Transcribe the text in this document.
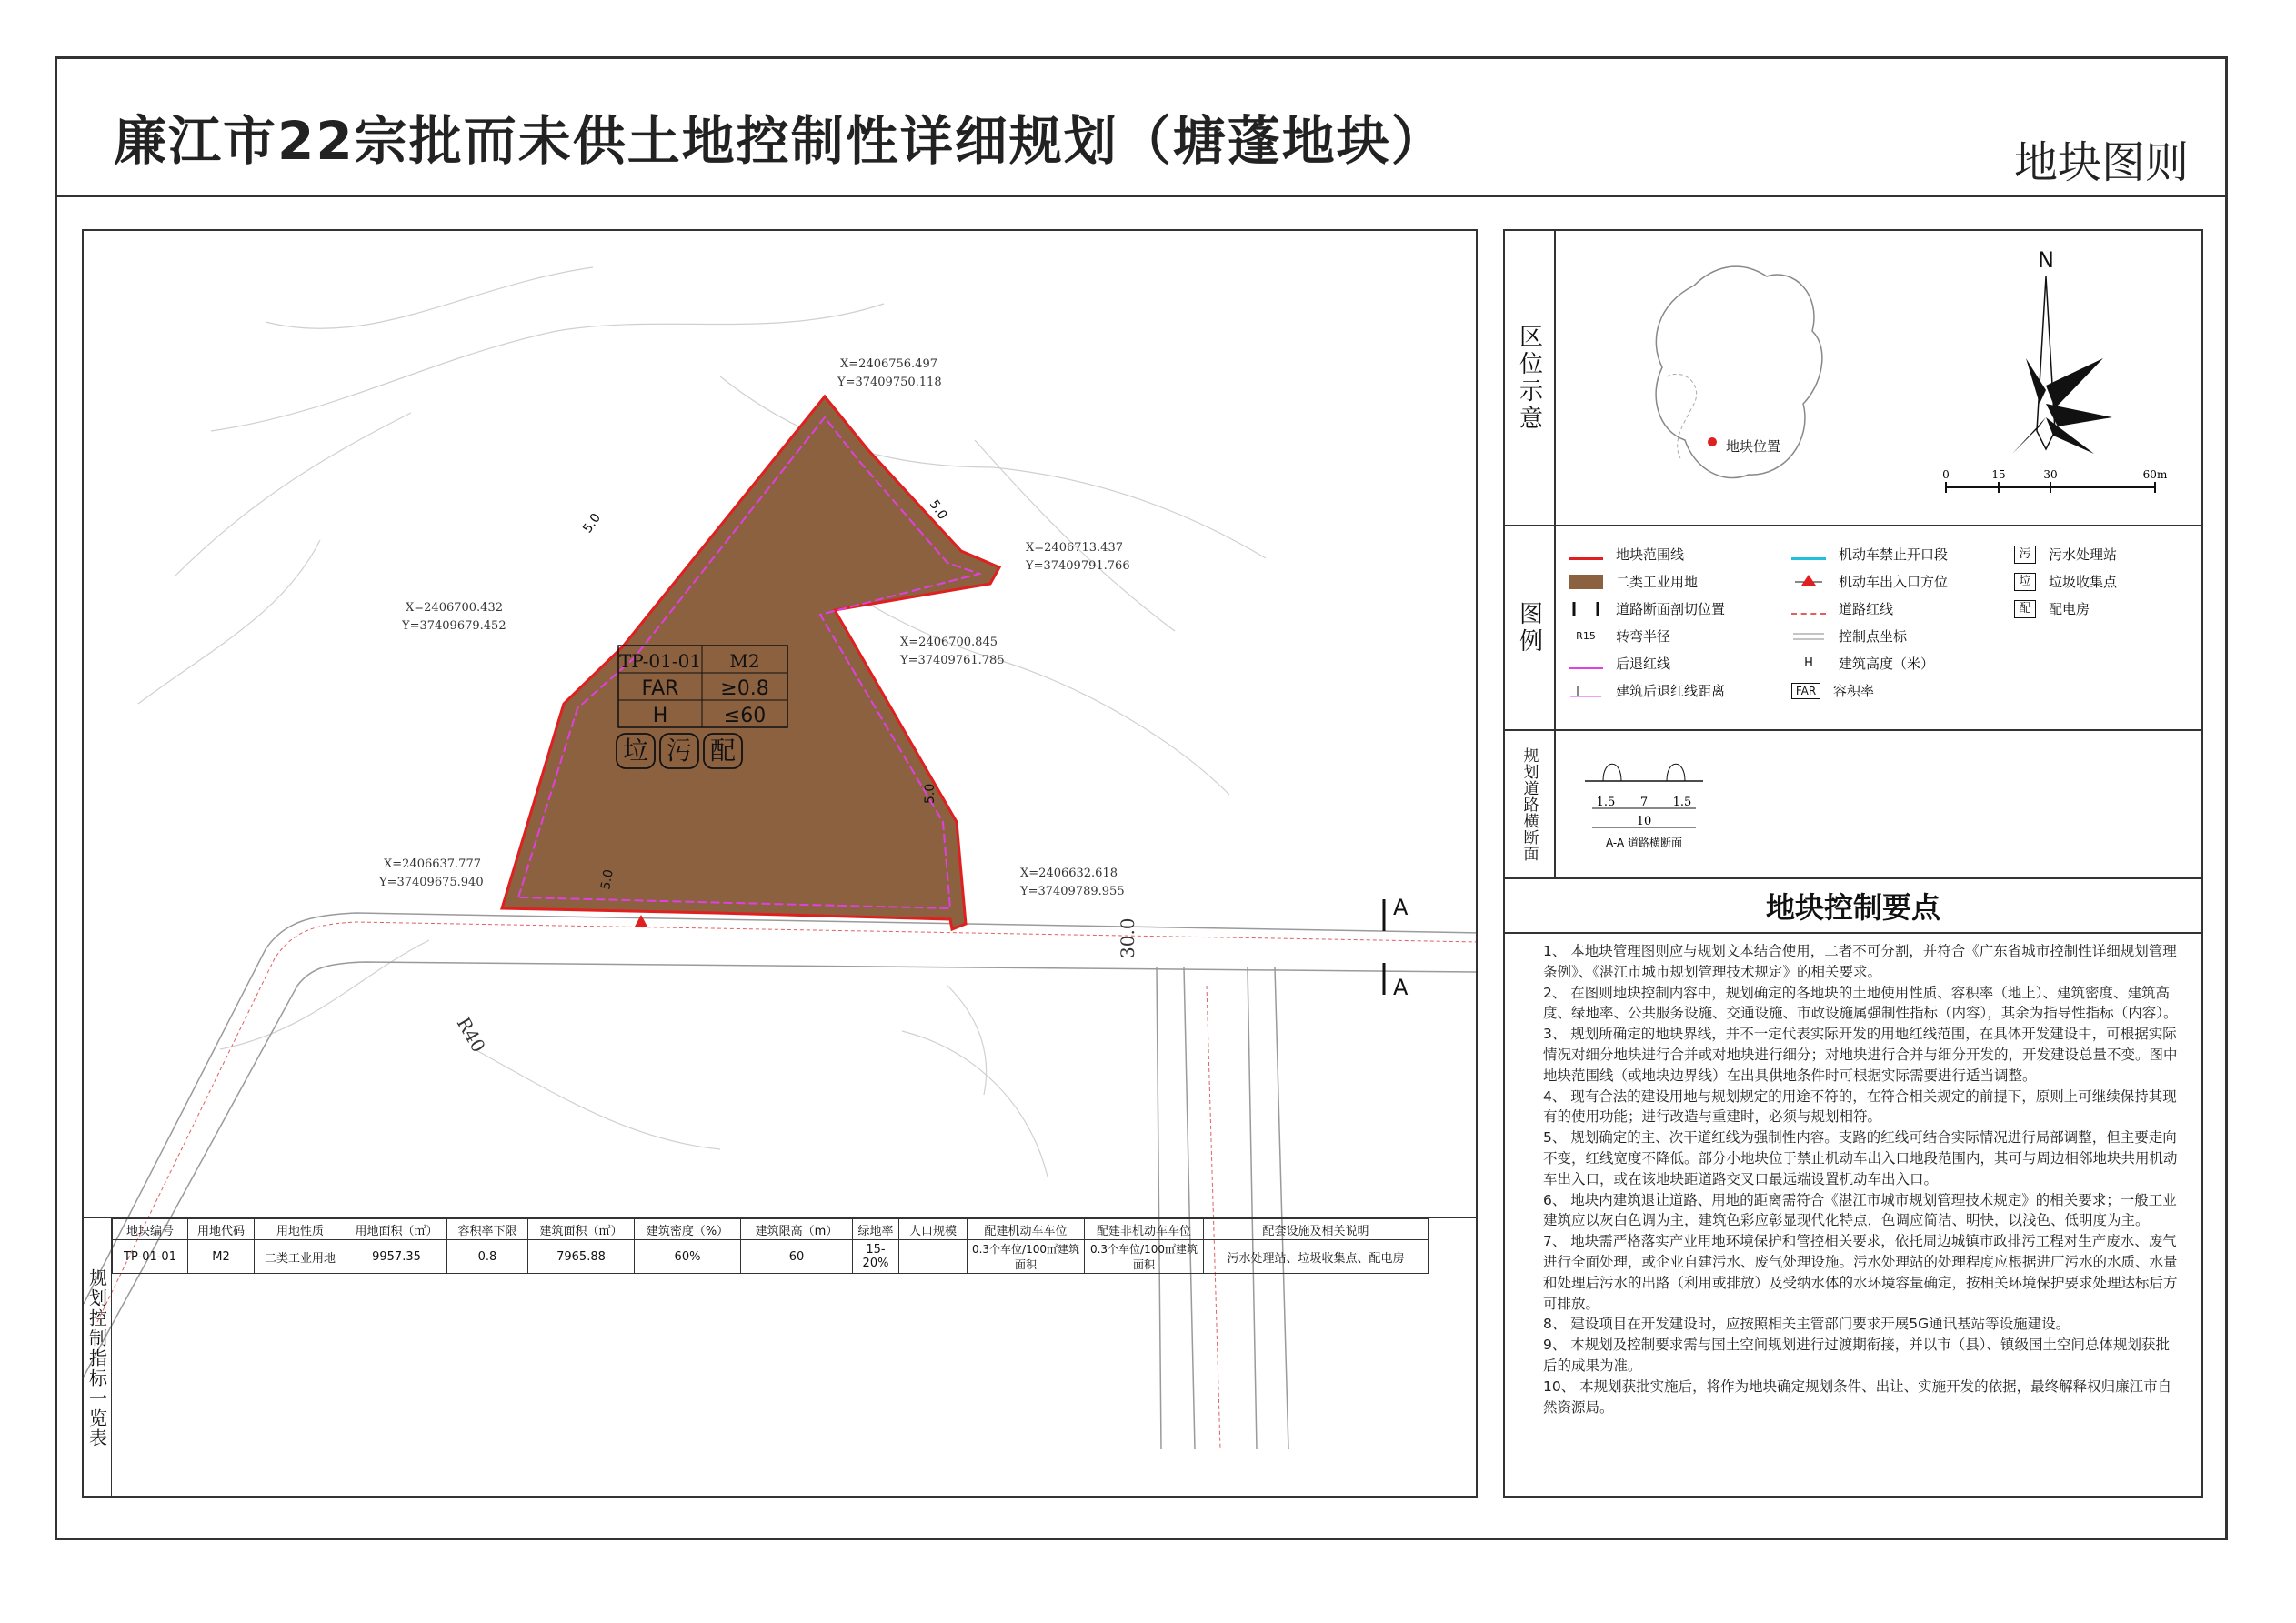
廉江市22宗批而未供土地控制性详细规划（塘蓬地块）	地块图则
TP-01-01 M2
FAR ≥0.8
H	≤60
垃 污 配
X=2406756.497
Y=37409750.118
X=2406713.437
Y=37409791.766
X=2406700.432
Y=37409679.452
X=2406700.845
Y=37409761.785
X=2406637.777
Y=37409675.940
X=2406632.618
Y=37409789.955
30.0
R40
A
A
5.0
5.0
5.0
5.0
规划控制指标一览表
地块编号	用地代码	用地性质	用地面积（㎡）	容积率下限	建筑面积（㎡）	建筑密度（%）	建筑限高（m）	绿地率	人口规模	配建机动车车位	配建非机动车车位	配套设施及相关说明
TP-01-01	M2	二类工业用地	9957.35	0.8	7965.88	60%	60	15-20%	——	0.3个车位/100㎡建筑面积	0.3个车位/100㎡建筑面积	污水处理站、垃圾收集点、配电房
区位示意
地块位置
N
0	15	30	60m
图例
地块范围线	机动车禁止开口段	污	污水处理站
二类工业用地	机动车出入口方位	垃	垃圾收集点
道路断面剖切位置	道路红线	配	配电房
R15	转弯半径	控制点坐标
后退红线	H	建筑高度（米）
建筑后退红线距离	FAR	容积率
规划道路横断面	1.5 7 1.5
10
A-A 道路横断面
地块控制要点

1、 本地块管理图则应与规划文本结合使用，二者不可分割，并符合《广东省城市控制性详细规划管理条例》、《湛江市城市规划管理技术规定》的相关要求。

2、 在图则地块控制内容中，规划确定的各地块的土地使用性质、容积率（地上）、建筑密度、建筑高度、绿地率、公共服务设施、交通设施、市政设施属强制性指标（内容），其余为指导性指标（内容）。

3、 规划所确定的地块界线，并不一定代表实际开发的用地红线范围，在具体开发建设中，可根据实际情况对细分地块进行合并或对地块进行细分；对地块进行合并与细分开发的，开发建设总量不变。图中地块范围线（或地块边界线）在出具供地条件时可根据实际需要进行适当调整。

4、 现有合法的建设用地与规划规定的用途不符的，在符合相关规定的前提下，原则上可继续保持其现有的使用功能；进行改造与重建时，必须与规划相符。

5、 规划确定的主、次干道红线为强制性内容。支路的红线可结合实际情况进行局部调整，但主要走向不变，红线宽度不降低。部分小地块位于禁止机动车出入口地段范围内，其可与周边相邻地块共用机动车出入口，或在该地块距道路交叉口最远端设置机动车出入口。

6、 地块内建筑退让道路、用地的距离需符合《湛江市城市规划管理技术规定》的相关要求；一般工业建筑应以灰白色调为主，建筑色彩应彰显现代化特点，色调应简洁、明快，以浅色、低明度为主。

7、 地块需严格落实产业用地环境保护和管控相关要求，依托周边城镇市政排污工程对生产废水、废气进行全面处理，或企业自建污水、废气处理设施。污水处理站的处理程度应根据进厂污水的水质、水量和处理后污水的出路（利用或排放）及受纳水体的水环境容量确定，按相关环境保护要求处理达标后方可排放。

8、 建设项目在开发建设时，应按照相关主管部门要求开展5G通讯基站等设施建设。

9、 本规划及控制要求需与国土空间规划进行过渡期衔接，并以市（县）、镇级国土空间总体规划获批后的成果为准。

10、 本规划获批实施后，将作为地块确定规划条件、出让、实施开发的依据，最终解释权归廉江市自然资源局。
